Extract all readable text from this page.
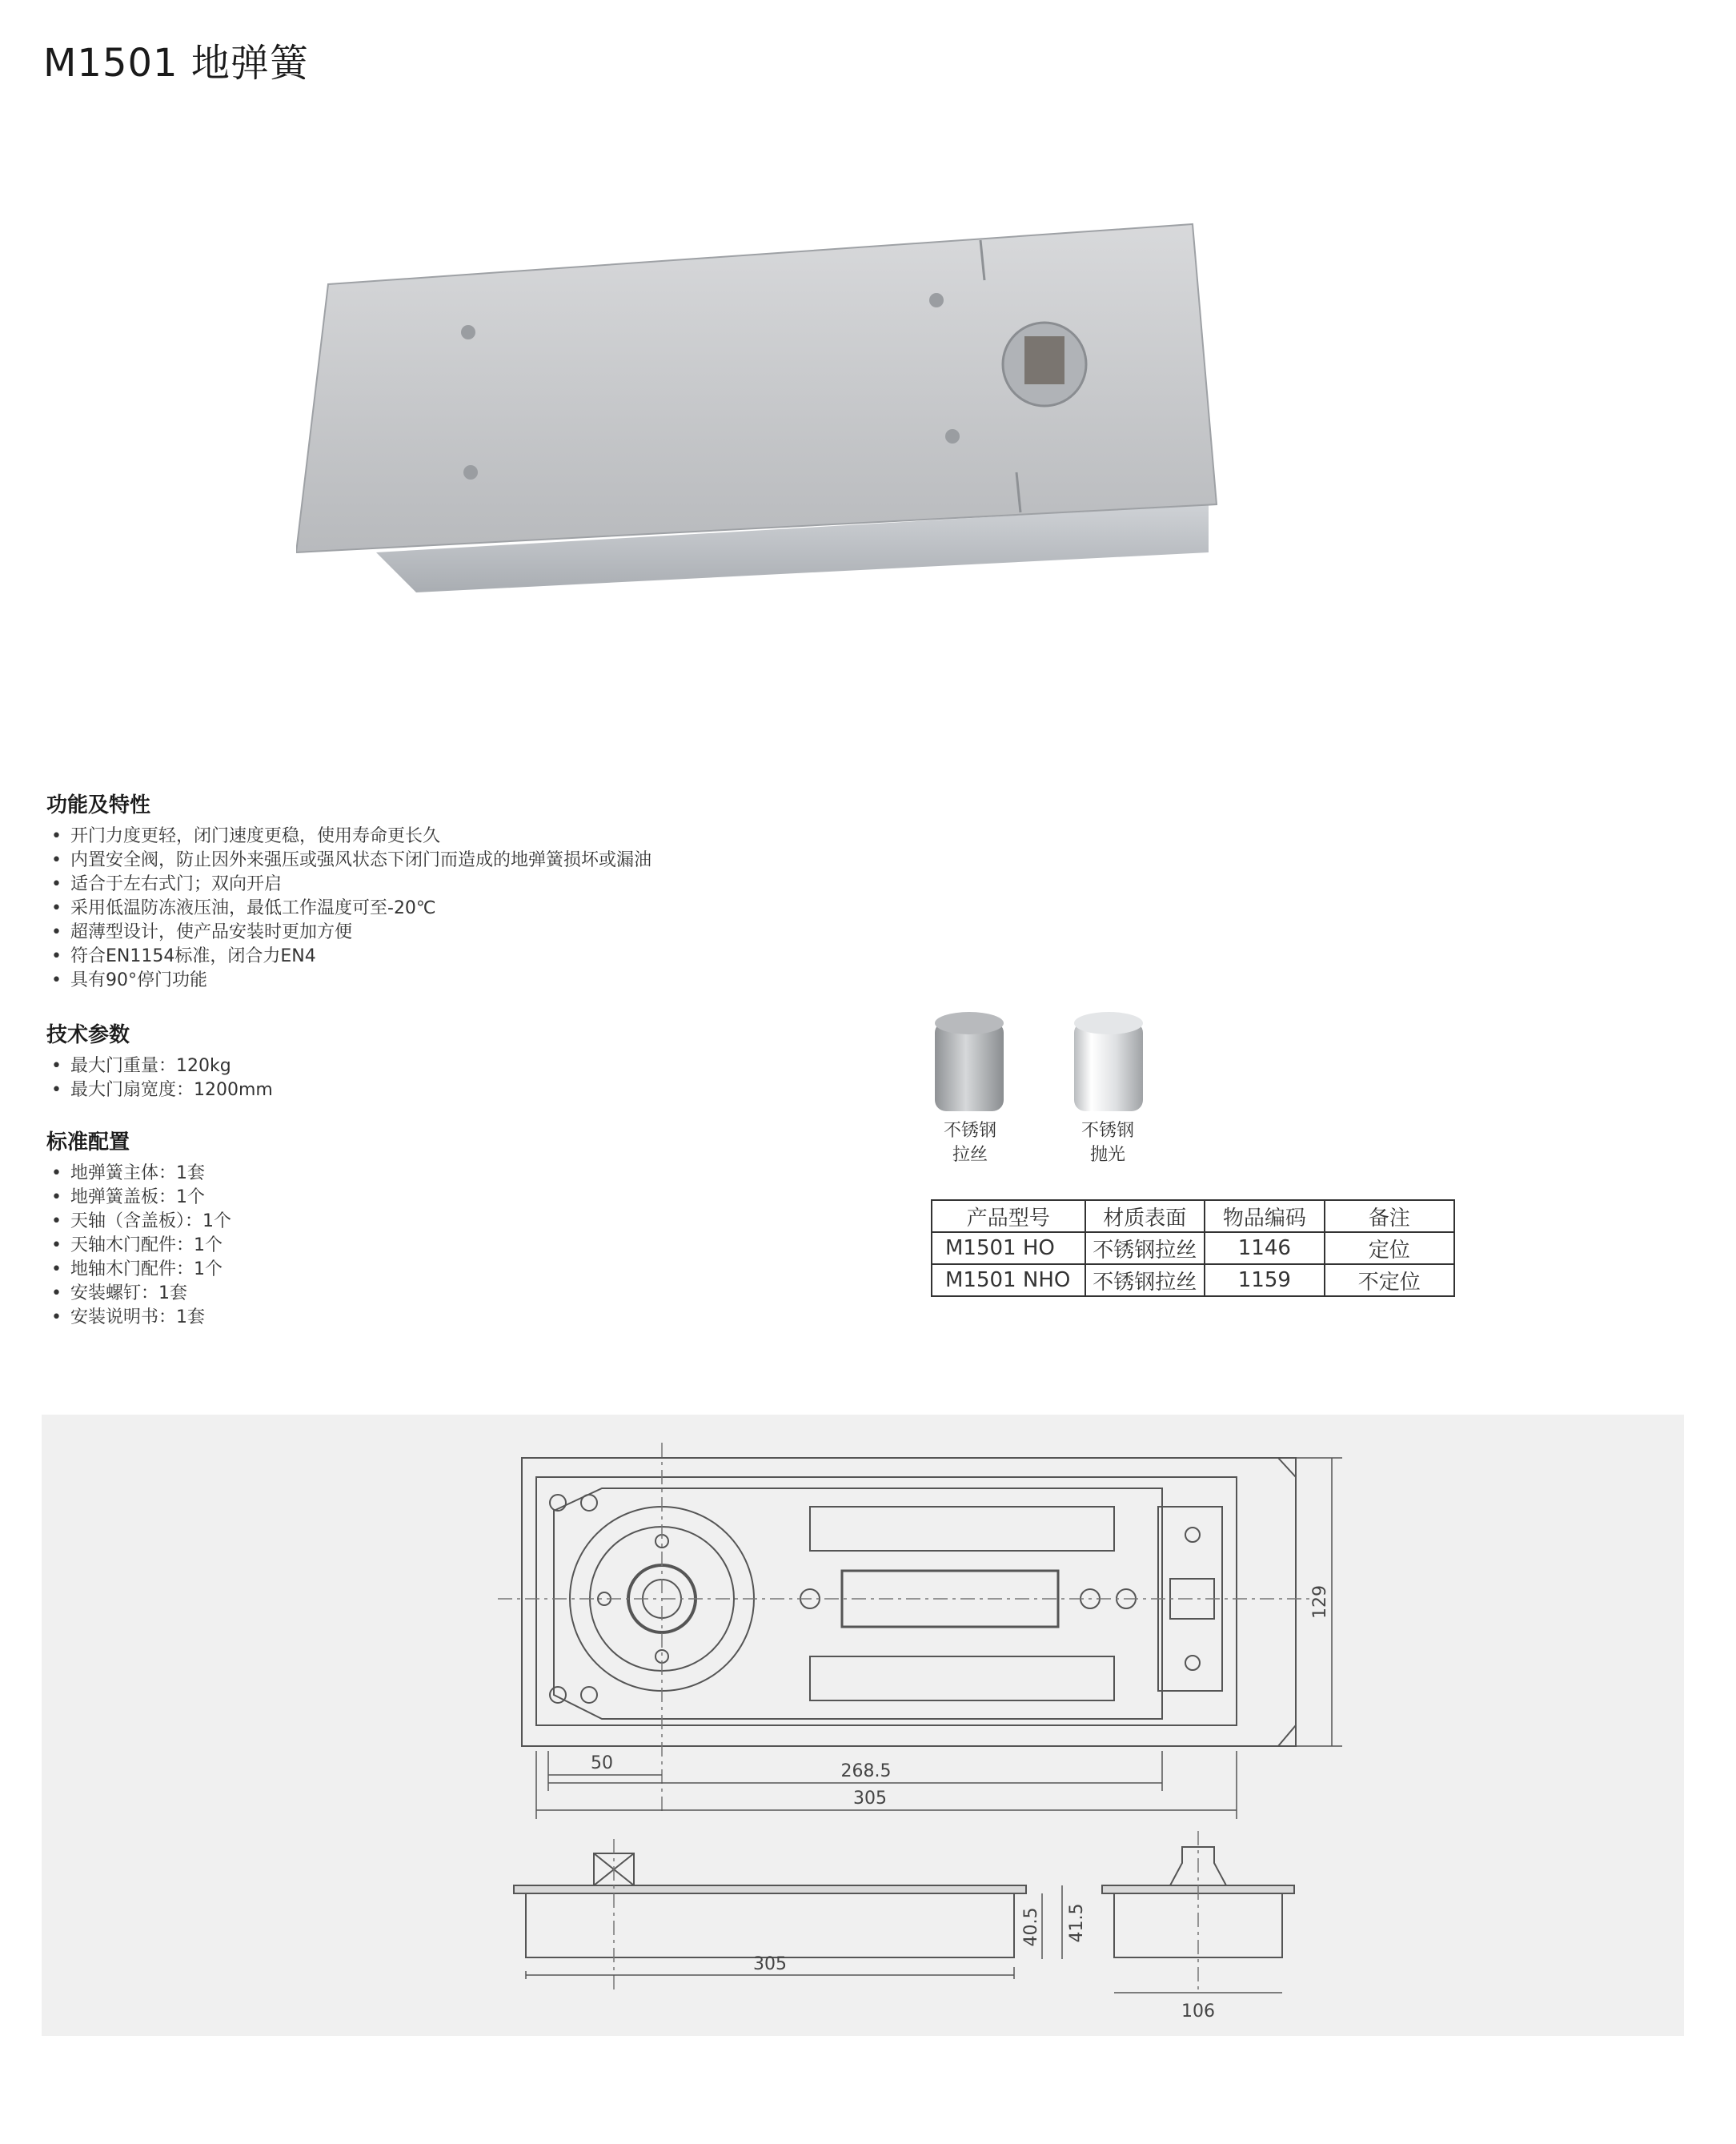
M1501 地弹簧
功能及特性
• 开门力度更轻，闭门速度更稳，使用寿命更长久
• 内置安全阀，防止因外来强压或强风状态下闭门而造成的地弹簧损坏或漏油
• 适合于左右式门；双向开启
• 采用低温防冻液压油，最低工作温度可至-20℃
• 超薄型设计，使产品安装时更加方便
• 符合EN1154标准，闭合力EN4
• 具有90°停门功能
技术参数
• 最大门重量：120kg
• 最大门扇宽度：1200mm
标准配置
• 地弹簧主体：1套
• 地弹簧盖板：1个
• 天轴（含盖板）：1个
• 天轴木门配件：1个
• 地轴木门配件：1个
• 安装螺钉：1套
• 安装说明书：1套
不锈钢
拉丝
不锈钢
抛光
产品型号	材质表面	物品编码	备注
M1501 HO	不锈钢拉丝	1146	定位
M1501 NHO	不锈钢拉丝	1159	不定位
50	268.5
305
129
305
40.5 41.5
106
